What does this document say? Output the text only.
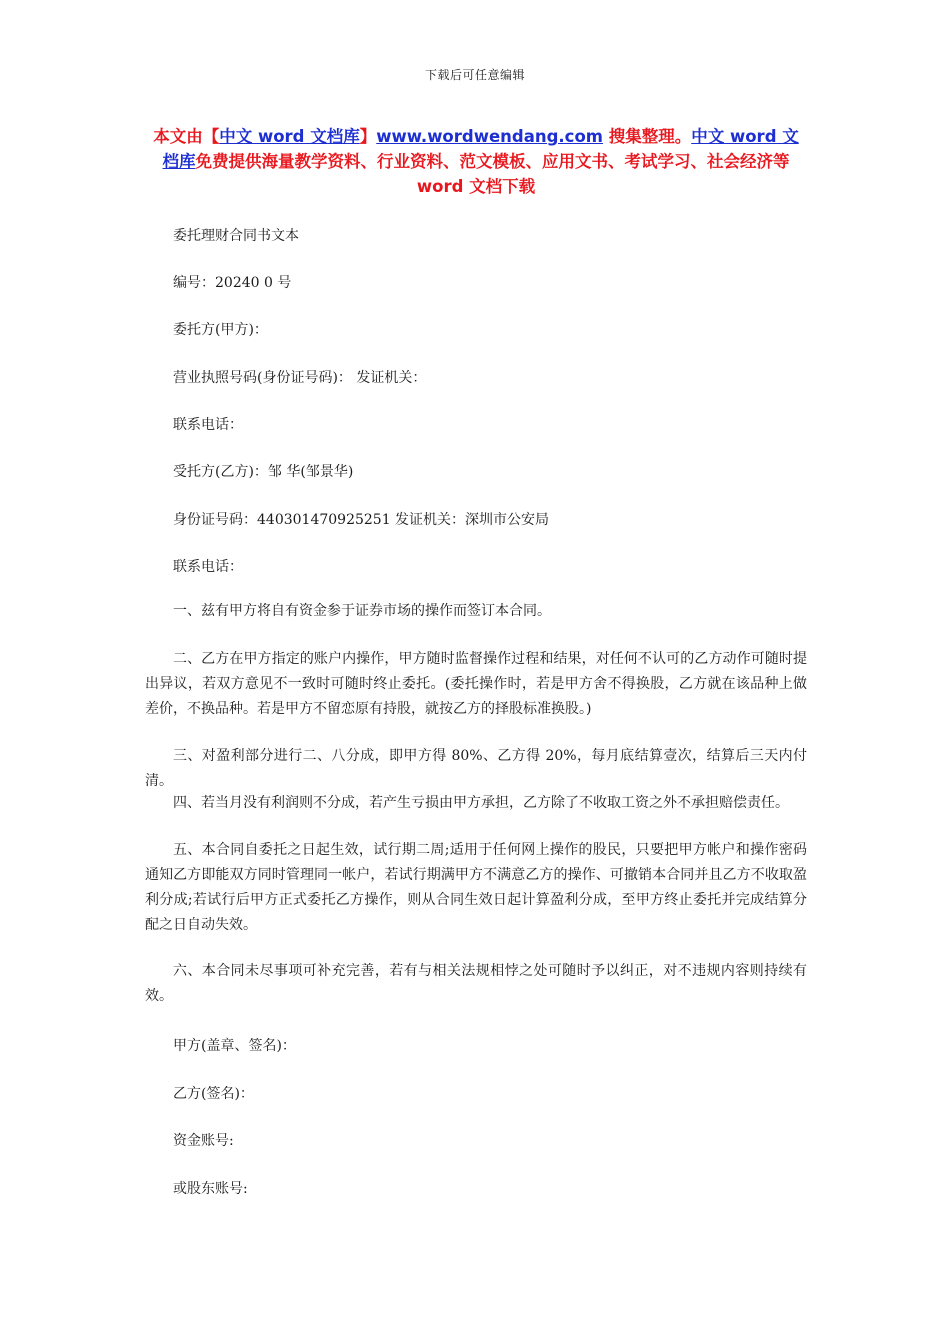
下载后可任意编辑
本文由【中文 word 文档库】www.wordwendang.com 搜集整理。中文 word 文档库免费提供海量教学资料、行业资料、范文模板、应用文书、考试学习、社会经济等 word 文档下载
委托理财合同书文本
编号：20240 0 号
委托方(甲方)：
营业执照号码(身份证号码)： 发证机关：
联系电话：
受托方(乙方)：邹 华(邹景华)
身份证号码：440301470925251 发证机关：深圳市公安局
联系电话：
一、兹有甲方将自有资金参于证券市场的操作而签订本合同。
二、乙方在甲方指定的账户内操作，甲方随时监督操作过程和结果，对任何不认可的乙方动作可随时提出异议，若双方意见不一致时可随时终止委托。(委托操作时，若是甲方舍不得换股，乙方就在该品种上做差价，不换品种。若是甲方不留恋原有持股，就按乙方的择股标准换股。)
三、对盈利部分进行二、八分成，即甲方得 80%、乙方得 20%，每月底结算壹次，结算后三天内付清。
四、若当月没有利润则不分成，若产生亏损由甲方承担，乙方除了不收取工资之外不承担赔偿责任。
五、本合同自委托之日起生效，试行期二周;适用于任何网上操作的股民，只要把甲方帐户和操作密码通知乙方即能双方同时管理同一帐户，若试行期满甲方不满意乙方的操作、可撤销本合同并且乙方不收取盈利分成;若试行后甲方正式委托乙方操作，则从合同生效日起计算盈利分成，至甲方终止委托并完成结算分配之日自动失效。
六、本合同未尽事项可补充完善，若有与相关法规相悖之处可随时予以纠正，对不违规内容则持续有效。
甲方(盖章、签名)：
乙方(签名)：
资金账号:
或股东账号:
